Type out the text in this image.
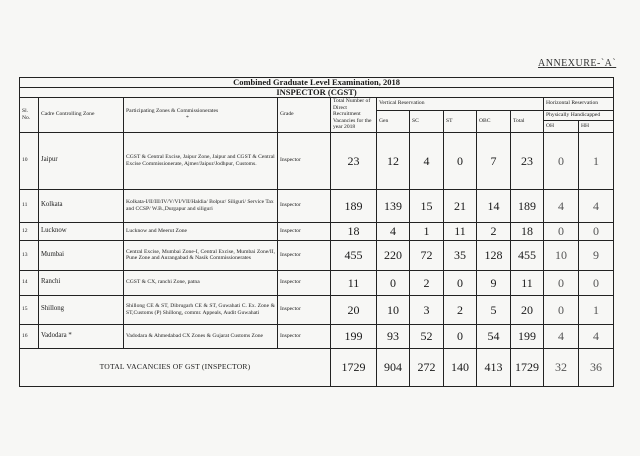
ANNEXURE-`A`

Combined Graduate Level Examination, 2018											
INSPECTOR (CGST)											
Sl. No.	Cadre Controlling Zone	Participating Zones & Commissionerates
*	Grade	Total Number of Direct Recruitment Vacancies for the year 2018	Vertical Reservation					Horizontal Reservation	
					Gen	SC	ST	OBC	Total	Physically Handicapped	
										OH	HH
10	Jaipur	CGST & Central Excise, Jaipur Zone, Jaipur and CGST & Central Excise Commissionerate, Ajmer/Jaipur/Jodhpur, Customs.	Inspector	23	12	4	0	7	23	0	1
11	Kolkata	Kolkata-I/II/III/IV/V/VI/VII/Haldia/ Bolpur/ Siliguri/ Service Tax and CCSP/ W.B.,Durgapur and siliguri	Inspector	189	139	15	21	14	189	4	4
12	Lucknow	Lucknow and Meerut Zone	Inspector	18	4	1	11	2	18	0	0
13	Mumbai	Central Excise, Mumbai Zone-I, Central Excise, Mumbai Zone/II, Pune Zone and Aurangabad & Nasik Commissionerates	Inspector	455	220	72	35	128	455	10	9
14	Ranchi	CGST & CX, ranchi Zone, patna	Inspector	11	0	2	0	9	11	0	0
15	Shillong	Shillong CE & ST, Dibrugarh CE & ST, Guwahati C. Ex. Zone & ST,Customs (P) Shillong, commr. Appeals, Audit Guwahati	Inspector	20	10	3	2	5	20	0	1
16	Vadodara *	Vadodara & Ahmedabad CX Zones & Gujarat Customs Zone	Inspector	199	93	52	0	54	199	4	4
TOTAL VACANCIES OF GST (INSPECTOR)				1729	904	272	140	413	1729	32	36
